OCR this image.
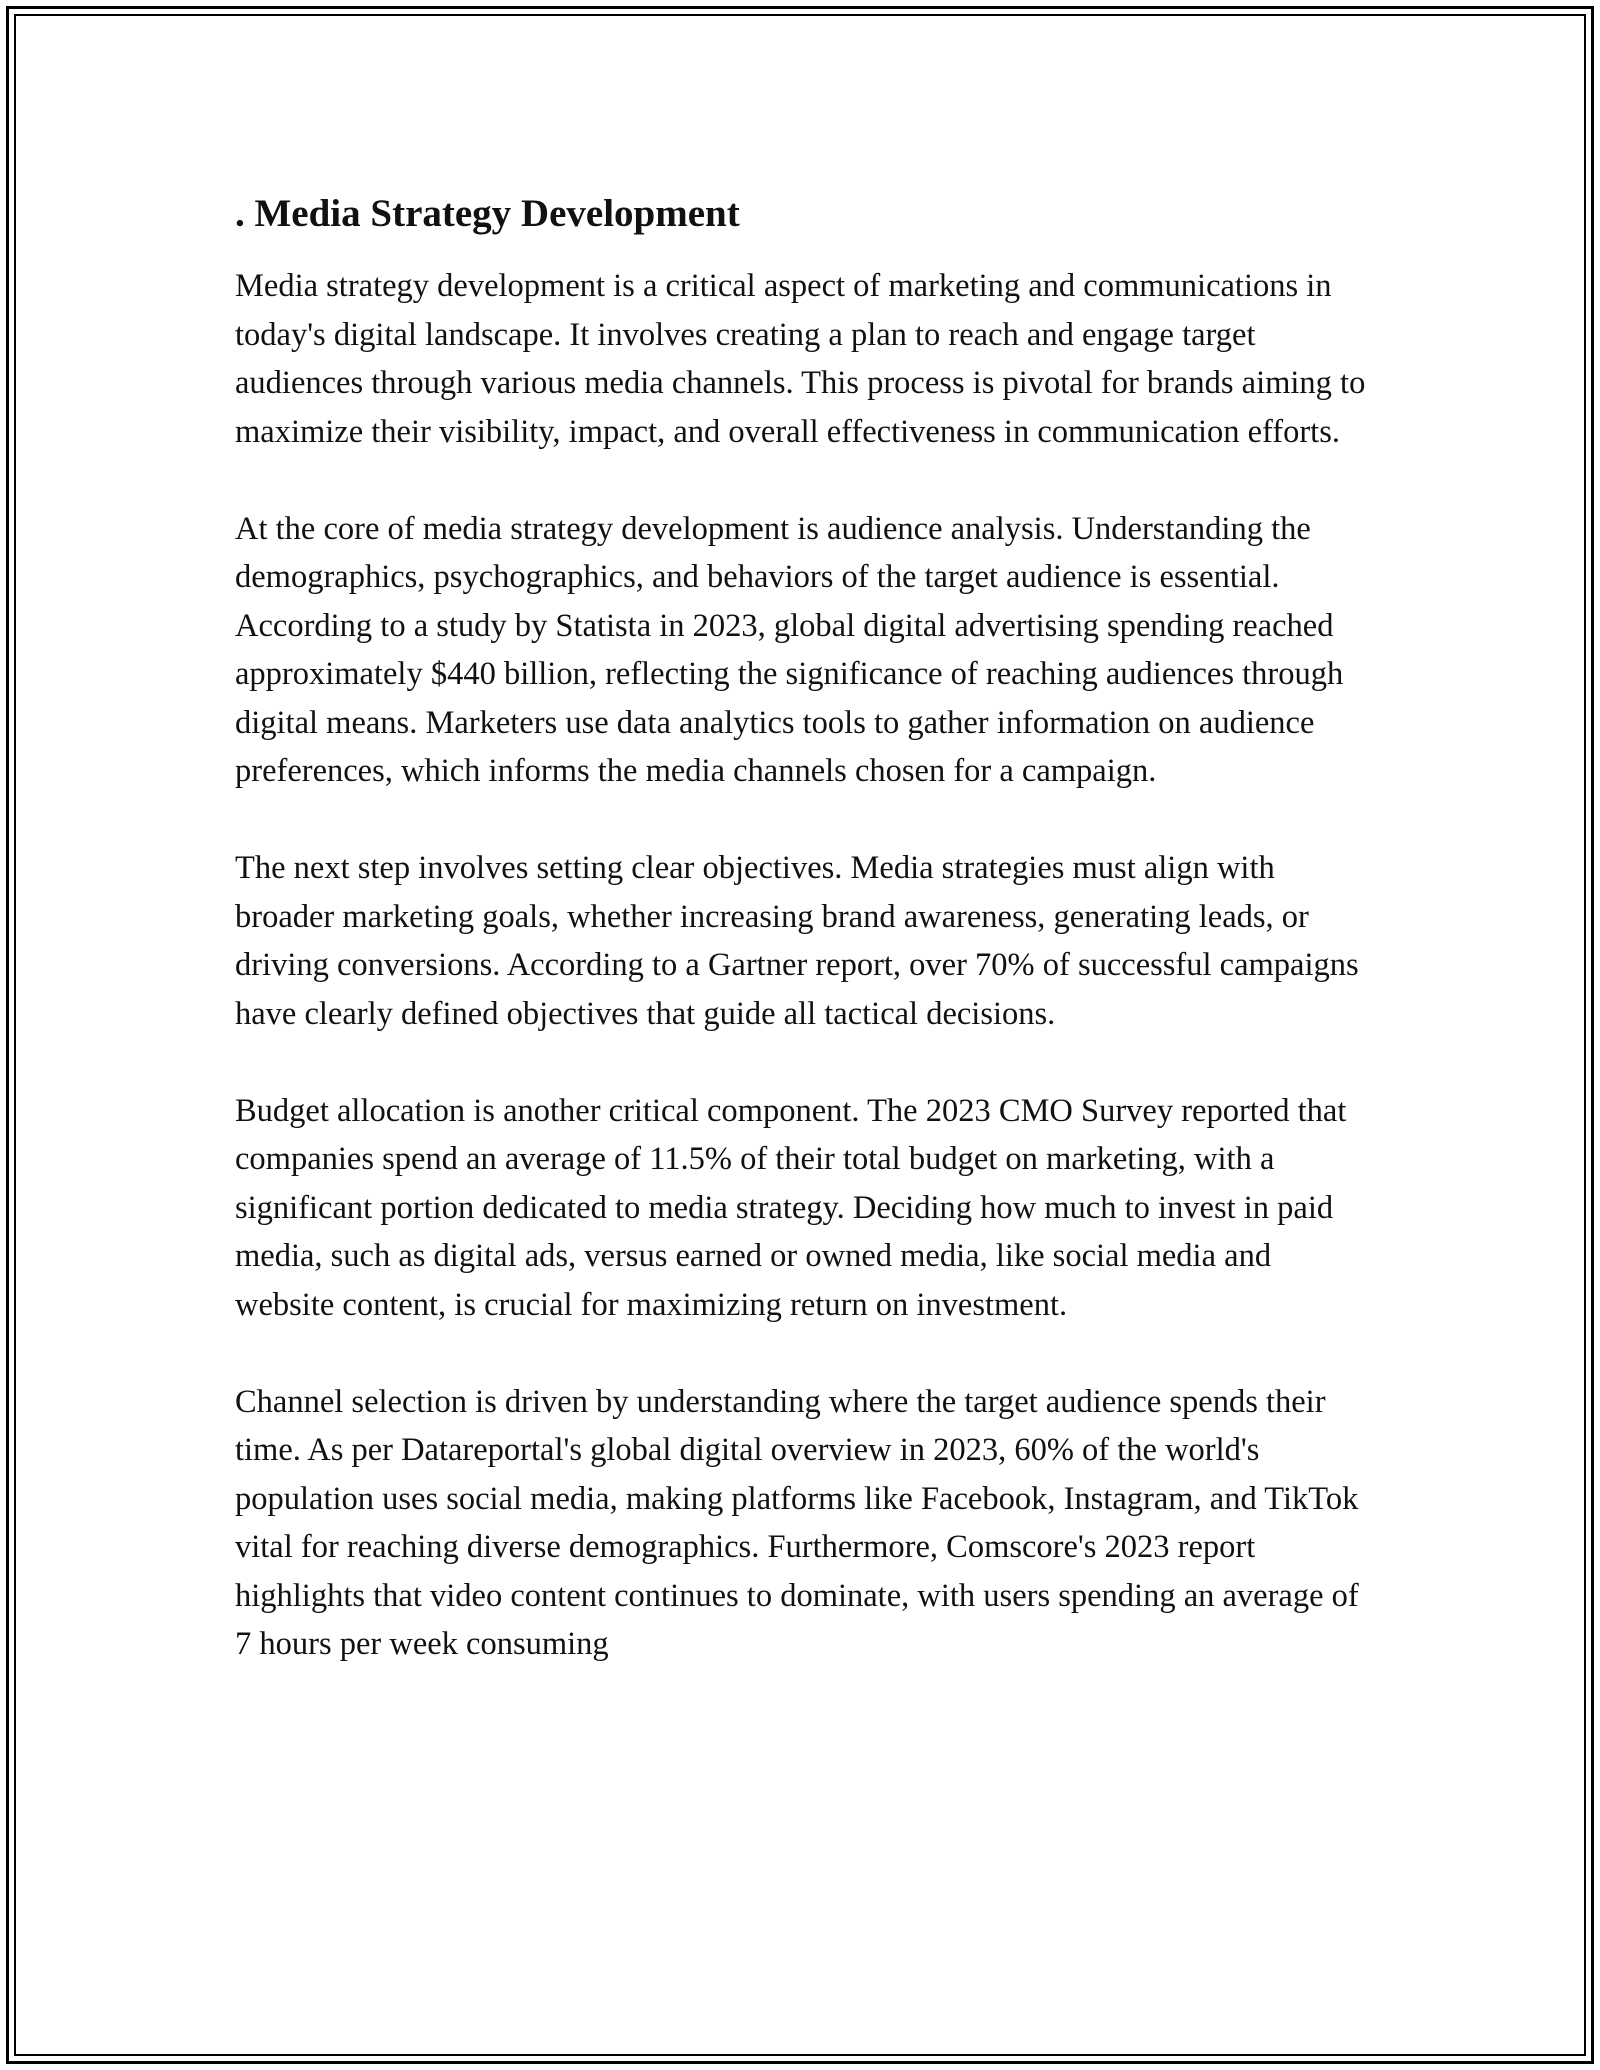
. Media Strategy Development

Media strategy development is a critical aspect of marketing and communications in today's digital landscape. It involves creating a plan to reach and engage target audiences through various media channels. This process is pivotal for brands aiming to maximize their visibility, impact, and overall effectiveness in communication efforts.

At the core of media strategy development is audience analysis. Understanding the demographics, psychographics, and behaviors of the target audience is essential. According to a study by Statista in 2023, global digital advertising spending reached approximately $440 billion, reflecting the significance of reaching audiences through digital means. Marketers use data analytics tools to gather information on audience preferences, which informs the media channels chosen for a campaign.

The next step involves setting clear objectives. Media strategies must align with broader marketing goals, whether increasing brand awareness, generating leads, or driving conversions. According to a Gartner report, over 70% of successful campaigns have clearly defined objectives that guide all tactical decisions.

Budget allocation is another critical component. The 2023 CMO Survey reported that companies spend an average of 11.5% of their total budget on marketing, with a significant portion dedicated to media strategy. Deciding how much to invest in paid media, such as digital ads, versus earned or owned media, like social media and website content, is crucial for maximizing return on investment.

Channel selection is driven by understanding where the target audience spends their time. As per Datareportal's global digital overview in 2023, 60% of the world's population uses social media, making platforms like Facebook, Instagram, and TikTok vital for reaching diverse demographics. Furthermore, Comscore's 2023 report highlights that video content continues to dominate, with users spending an average of 7 hours per week consuming
